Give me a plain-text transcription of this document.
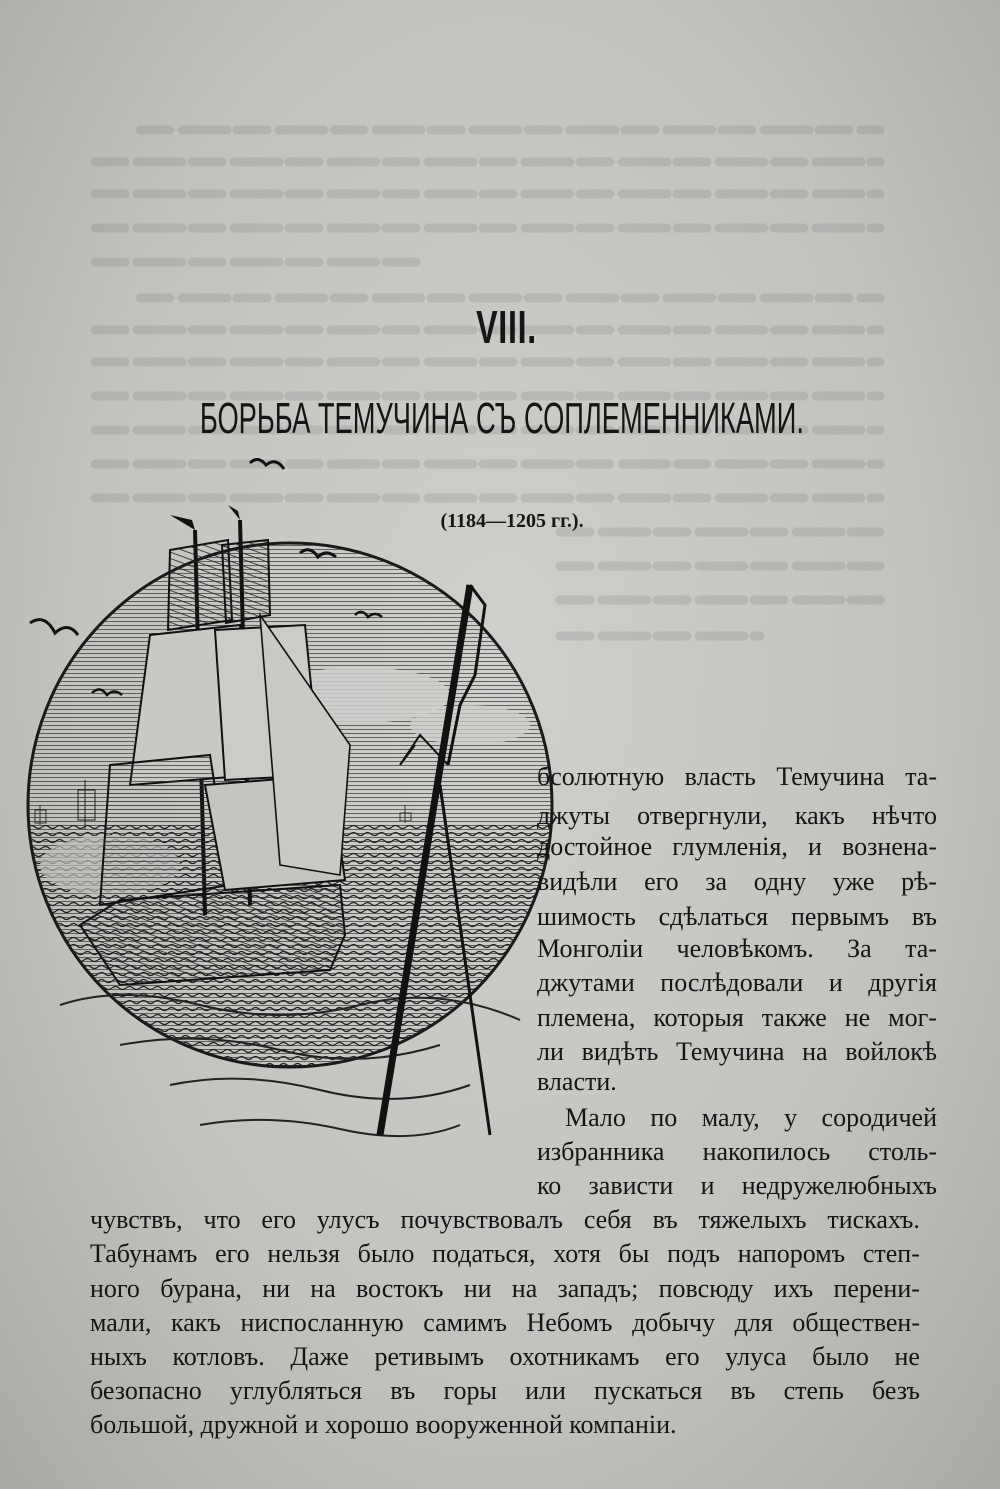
VIII.
БОРЬБА ТЕМУЧИНА СЪ СОПЛЕМЕННИКАМИ.
(1184—1205 гг.).
бсолютную власть Темучина та-
джуты отвергнули, какъ нѣчто
достойное глумленія, и вознена-
видѣли его за одну уже рѣ-
шимость сдѣлаться первымъ въ
Монголіи человѣкомъ. За та-
джутами послѣдовали и другія
племена, которыя также не мог-
ли видѣть Темучина на войлокѣ
власти.
Мало по малу, у сородичей
избранника накопилось столь-
ко зависти и недружелюбныхъ
чувствъ, что его улусъ почувствовалъ себя въ тяжелыхъ тискахъ.
Табунамъ его нельзя было податься, хотя бы подъ напоромъ степ-
ного бурана, ни на востокъ ни на западъ; повсюду ихъ перени-
мали, какъ ниспосланную самимъ Небомъ добычу для обществен-
ныхъ котловъ. Даже ретивымъ охотникамъ его улуса было не
безопасно углубляться въ горы или пускаться въ степь безъ
большой, дружной и хорошо вооруженной компаніи.
